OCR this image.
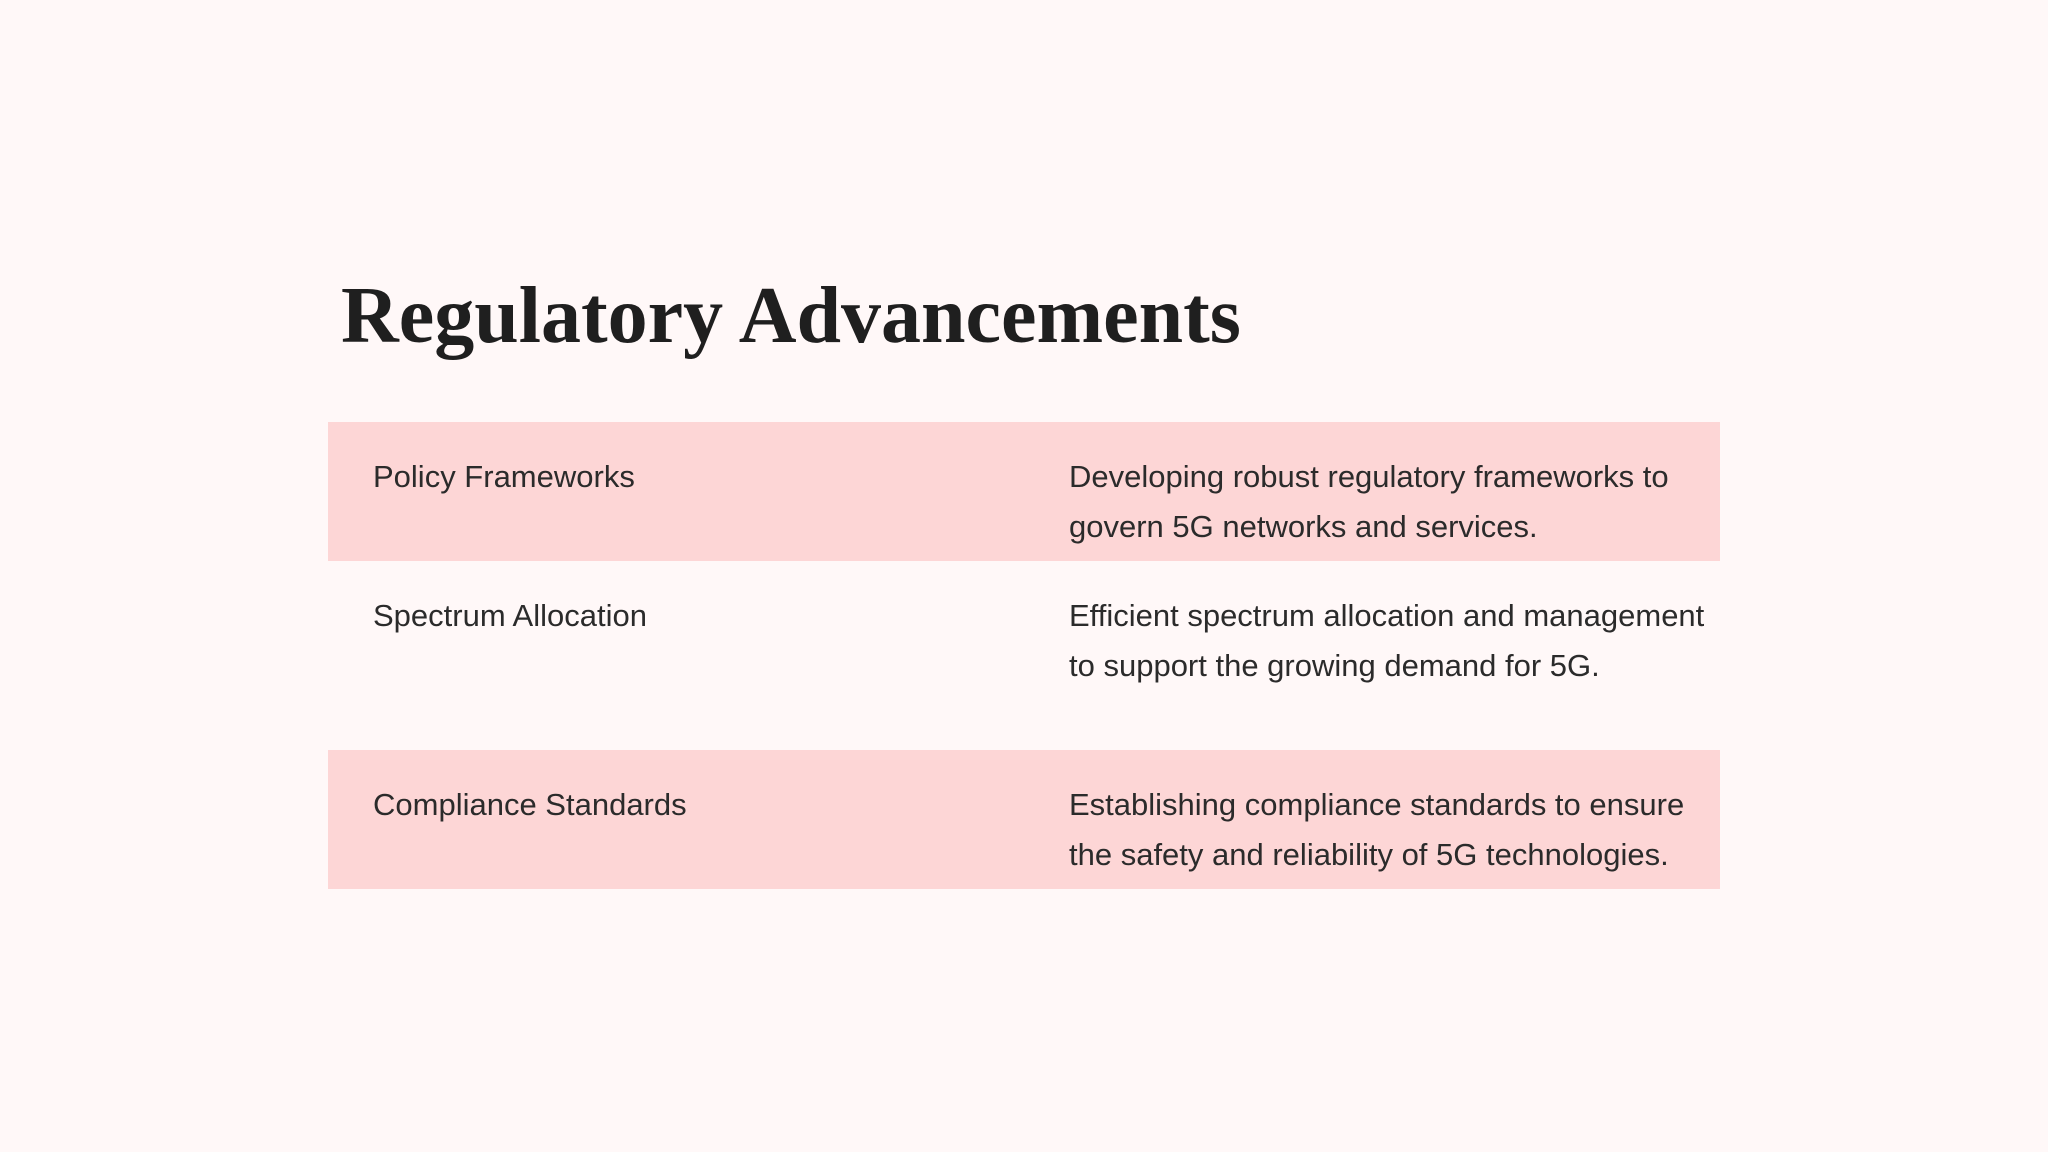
Regulatory Advancements
Policy Frameworks	Developing robust regulatory frameworks to govern 5G networks and services.
Spectrum Allocation	Efficient spectrum allocation and management to support the growing demand for 5G.
Compliance Standards	Establishing compliance standards to ensure the safety and reliability of 5G technologies.
